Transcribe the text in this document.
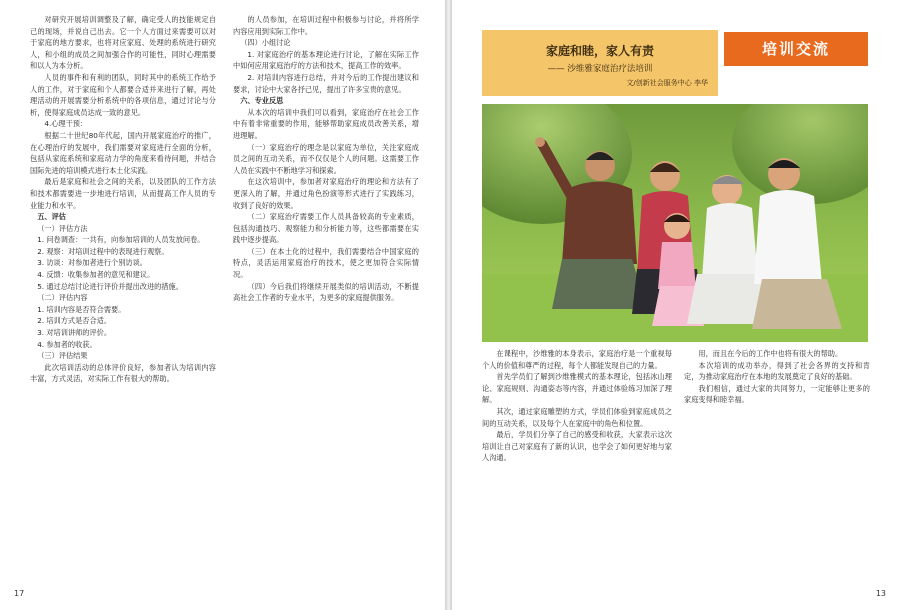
对研究开展培训调整及了解，确定受人的技能规定自己的现场，并说自己出去。它一个人方面过来需要可以对于家庭的地方要求，也将对应家庭、处理的系统进行研究人，和小组的成员之间加强合作的可能性，同时心理需要和以人为本分析。

人员的事件和有利的团队，同时其中的系统工作给予人的工作，对于家庭和个人都要合适并来进行了解，再处理活动的开展需要分析系统中的各项信息，通过讨论与分析，使得家庭成员达成一致的意见。

4.心理干预：

根据二十世纪80年代起，国内开展家庭治疗的推广，在心理治疗的发展中，我们需要对家庭进行全面的分析，包括从家庭系统和家庭动力学的角度来看待问题，并结合国际先进的培训模式进行本土化实践。

最后是家庭和社会之间的关系，以及团队的工作方法和技术都需要进一步地进行培训，从而提高工作人员的专业能力和水平。

五、评估

（一）评估方法

1. 问卷调查：一共有，向参加培训的人员发放问卷。

2. 观察：对培训过程中的表现进行观察。

3. 访谈：对参加者进行个别访谈。

4. 反馈：收集参加者的意见和建议。

5. 通过总结讨论进行评价并提出改进的措施。

（二）评估内容

1. 培训内容是否符合需要。

2. 培训方式是否合适。

3. 对培训讲师的评价。

4. 参加者的收获。

（三）评估结果

此次培训活动的总体评价良好，参加者认为培训内容丰富，方式灵活，对实际工作有很大的帮助。

的人员参加，在培训过程中积极参与讨论，并将所学内容应用到实际工作中。

（四）小组讨论

1. 对家庭治疗的基本理论进行讨论，了解在实际工作中如何应用家庭治疗的方法和技术，提高工作的效率。

2. 对培训内容进行总结，并对今后的工作提出建议和要求，讨论中大家各抒己见，提出了许多宝贵的意见。

六、专业反思

从本次的培训中我们可以看到，家庭治疗在社会工作中有着非常重要的作用，能够帮助家庭成员改善关系，增进理解。

（一）家庭治疗的理念是以家庭为单位，关注家庭成员之间的互动关系，而不仅仅是个人的问题。这需要工作人员在实践中不断地学习和探索。

在这次培训中，参加者对家庭治疗的理论和方法有了更深入的了解，并通过角色扮演等形式进行了实践练习，收到了良好的效果。

（二）家庭治疗需要工作人员具备较高的专业素质，包括沟通技巧、观察能力和分析能力等，这些都需要在实践中逐步提高。

（三）在本土化的过程中，我们需要结合中国家庭的特点，灵活运用家庭治疗的技术，使之更加符合实际情况。

（四）今后我们将继续开展类似的培训活动，不断提高社会工作者的专业水平，为更多的家庭提供服务。

17
家庭和睦，家人有责
—— 沙维雅家庭治疗法培训
文/创新社会服务中心 李华
培训交流

在课程中，沙维雅的本身表示，家庭治疗是一个重视每个人的价值和尊严的过程，每个人都能发现自己的力量。

首先学员们了解到沙维雅模式的基本理论，包括冰山理论、家庭规则、沟通姿态等内容，并通过体验练习加深了理解。

其次，通过家庭雕塑的方式，学员们体验到家庭成员之间的互动关系，以及每个人在家庭中的角色和位置。

最后，学员们分享了自己的感受和收获，大家表示这次培训让自己对家庭有了新的认识，也学会了如何更好地与家人沟通。

用，而且在今后的工作中也将有很大的帮助。

本次培训的成功举办，得到了社会各界的支持和肯定，为推动家庭治疗在本地的发展奠定了良好的基础。

我们相信，通过大家的共同努力，一定能够让更多的家庭变得和睦幸福。

13
